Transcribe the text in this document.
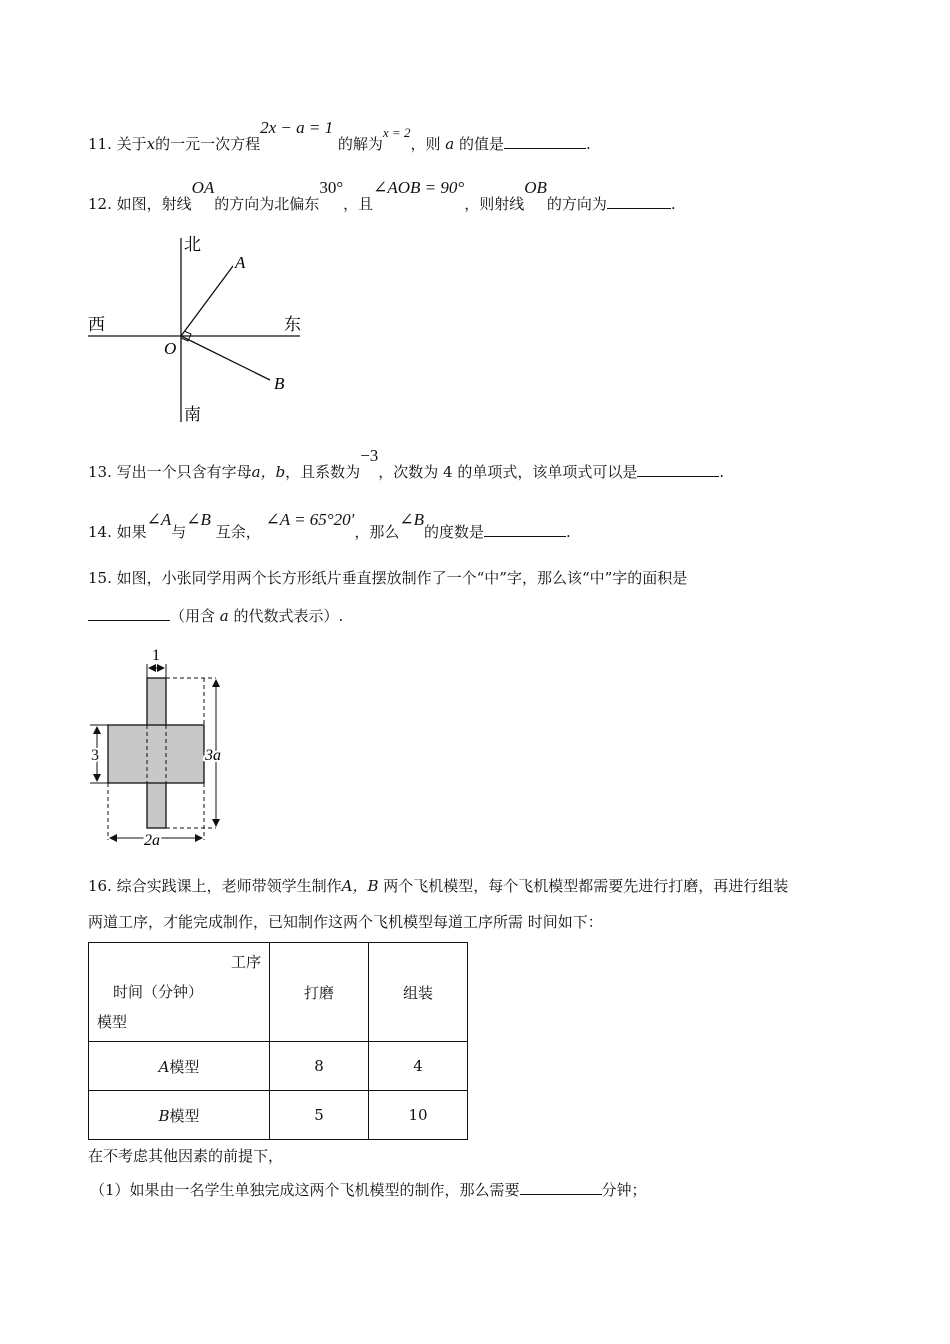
11. 关于x的一元一次方程2x − a = 1 的解为x = 2，则 a 的值是	.
12. 如图，射线OA的方向为北偏东30°，且∠AOB = 90°，则射线OB的方向为	.
北
南
西	东
O
A
B
13. 写出一个只含有字母a，b，且系数为−3，次数为 4 的单项式，该单项式可以是	.
14. 如果∠A与∠B 互余， ∠A = 65°20′，那么∠B的度数是	.
15. 如图，小张同学用两个长方形纸片垂直摆放制作了一个“中”字，那么该“中”字的面积是
（用含 a 的代数式表示）.
1
3	3a
2a
16. 综合实践课上，老师带领学生制作A，B 两个飞机模型，每个飞机模型都需要先进行打磨，再进行组装
两道工序，才能完成制作，已知制作这两个飞机模型每道工序所需 时间如下：
工序
时间（分钟）
模型	打磨	组装
A模型	8	4
B模型	5	10
在不考虑其他因素的前提下，
（1）如果由一名学生单独完成这两个飞机模型的制作，那么需要	分钟；
